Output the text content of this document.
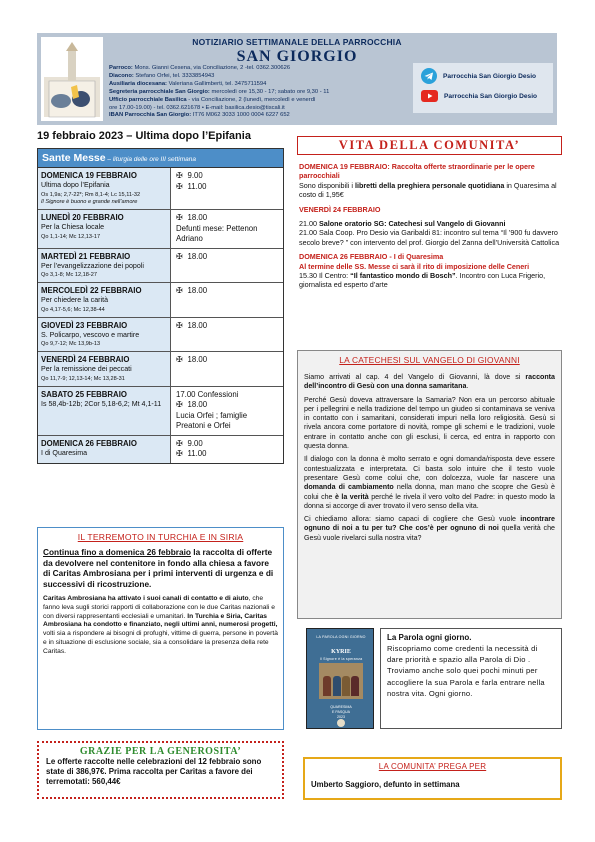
NOTIZIARIO SETTIMANALE DELLA PARROCCHIA
SAN GIORGIO
Parroco: Mons. Gianni Cesena, via Conciliazione, 2 -tel. 0362.300626
Diacono: Stefano Orfei, tel. 3333854943
Ausiliaria diocesana: Valeriana Gallimberti, tel. 3475711594
Segreteria parrocchiale San Giorgio: mercoledì ore 15,30 - 17; sabato ore 9,30 - 11
Ufficio parrocchiale Basilica - via Conciliazione, 2 (lunedì, mercoledì e venerdì
ore 17.00-19.00) - tel. 0362.621678 • E-mail: basilica.desio@tiscali.it
IBAN Parrocchia San Giorgio: IT76 M062 3033 1000 0004 6227 652
Parrocchia San Giorgio Desio
Parrocchia San Giorgio Desio
19 febbraio 2023 – Ultima dopo l’Epifania
Sante Messe – liturgia delle ore III settimana
DOMENICA 19 FEBBRAIO
Ultima dopo l’Epifania
Os 1,9a; 2,7-22*; Rm 8,1-4; Lc 15,11-32
Il Signore è buono e grande nell’amore
✠ 9.00
✠ 11.00
LUNEDÌ 20 FEBBRAIO
Per la Chiesa locale
Qo 1,1-14; Mc 12,13-17
✠ 18.00
Defunti mese: Pettenon Adriano
MARTEDÌ 21 FEBBRAIO
Per l’evangelizzazione dei popoli
Qo 3,1-8; Mc 12,18-27
✠ 18.00
MERCOLEDÌ 22 FEBBRAIO
Per chiedere la carità
Qo 4,17-5,6; Mc 12,38-44
✠ 18.00
GIOVEDÌ 23 FEBBRAIO
S. Policarpo, vescovo e martire
Qo 9,7-12; Mc 13,9b-13
✠ 18.00
VENERDÌ 24 FEBBRAIO
Per la remissione dei peccati
Qo 11,7-9; 12,13-14; Mc 13,28-31
✠ 18.00
SABATO 25 FEBBRAIO
Is 58,4b-12b; 2Cor 5,18-6,2; Mt 4,1-11
17.00 Confessioni
✠ 18.00
Lucia Orfei ; famiglie Preatoni e Orfei
DOMENICA 26 FEBBRAIO
I di Quaresima
✠ 9.00
✠ 11.00
IL TERREMOTO IN TURCHIA E IN SIRIA

Continua fino a domenica 26 febbraio la raccolta di offerte da devolvere nel contenitore in fondo alla chiesa a favore di Caritas Ambrosiana per i primi interventi di urgenza e di successivi di ricostruzione.

Caritas Ambrosiana ha attivato i suoi canali di contatto e di aiuto, che fanno leva sugli storici rapporti di collaborazione con le due Caritas nazionali e con diversi rappresentanti ecclesiali e umanitari. In Turchia e Siria, Caritas Ambrosiana ha condotto e finanziato, negli ultimi anni, numerosi progetti, volti sia a rispondere ai bisogni di profughi, vittime di guerra, persone in povertà e in situazione di esclusione sociale, sia a consolidare la presenza della rete Caritas.

GRAZIE PER LA GENEROSITA’

Le offerte raccolte nelle celebrazioni del 12 febbraio sono state di 386,97€. Prima raccolta per Caritas a favore dei terremotati: 560,44€

VITA DELLA COMUNITA’

DOMENICA 19 FEBBRAIO: Raccolta offerte straordinarie per le opere parrocchiali
Sono disponibili i libretti della preghiera personale quotidiana in Quaresima al costo di 1,95€

VENERDÌ 24 FEBBRAIO

21.00 Salone oratorio SG: Catechesi sul Vangelo di Giovanni
21.00 Sala Coop. Pro Desio via Garibaldi 81: incontro sul tema “Il ’900 fu davvero secolo breve? ” con intervento del prof. Giorgio del Zanna dell’Università Cattolica

DOMENICA 26 FEBBRAIO - I di Quaresima
Al termine delle SS. Messe ci sarà il rito di imposizione delle Ceneri
15.30 Il Centro: “Il fantastico mondo di Bosch”. Incontro con Luca Frigerio, giornalista ed esperto d’arte

LA CATECHESI SUL VANGELO DI GIOVANNI

Siamo arrivati al cap. 4 del Vangelo di Giovanni, là dove si racconta dell’incontro di Gesù con una donna samaritana.

Perché Gesù doveva attraversare la Samaria? Non era un percorso abituale per i pellegrini e nella tradizione del tempo un giudeo si contaminava se veniva in contatto con i samaritani, considerati impuri nella loro religiosità. Gesù si rivela ancora come portatore di novità, rompe gli schemi e le tradizioni, vuole entrare in contatto anche con gli esclusi, li cerca, ed entra in rapporto con questa donna.

Il dialogo con la donna è molto serrato e ogni domanda/risposta deve essere contestualizzata e interpretata. Ci basta solo intuire che il testo vuole presentare Gesù come colui che, con dolcezza, vuole far nascere una domanda di cambiamento nella donna, man mano che scopre che Gesù è colui che è la verità perché le rivela il vero volto del Padre: in questo modo la donna si accorge di aver trovato il vero senso della vita.

Ci chiediamo allora: siamo capaci di cogliere che Gesù vuole incontrare ognuno di noi a tu per tu? Che cos’è per ognuno di noi quella verità che Gesù vuole rivelarci sulla nostra vita?

LA PAROLA OGNI GIORNO
KYRIE
Il Signore è la speranza
QUARESIMA
E PASQUA
2023
La Parola ogni giorno.

Riscopriamo come credenti la necessità di dare priorità e spazio alla Parola di Dio . Troviamo anche solo quei pochi minuti per accogliere la sua Parola e farla entrare nella nostra vita. Ogni giorno.

LA COMUNITA’ PREGA PER

Umberto Saggioro, defunto in settimana
